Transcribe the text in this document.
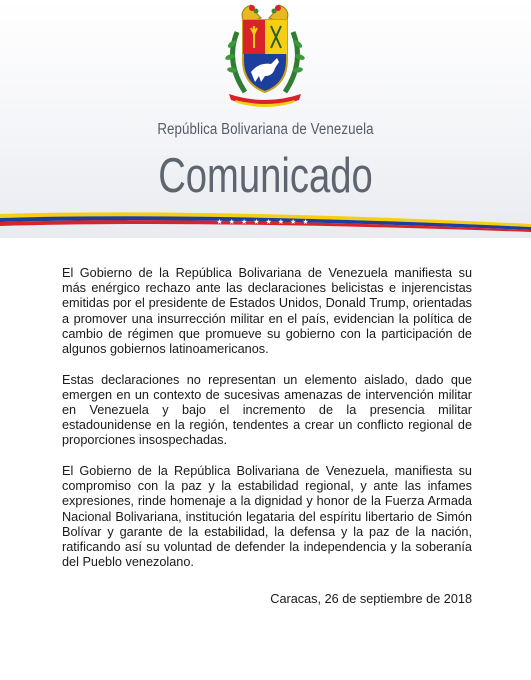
República Bolivariana de Venezuela
Comunicado
★★★★★★★★

El Gobierno de la República Bolivariana de Venezuela manifiesta su más enérgico rechazo ante las declaraciones belicistas e injerencistas emitidas por el presidente de Estados Unidos, Donald Trump, orientadas a promover una insurrección militar en el país, evidencian la política de cambio de régimen que promueve su gobierno con la participación de algunos gobiernos latinoamericanos.

Estas declaraciones no representan un elemento aislado, dado que emergen en un contexto de sucesivas amenazas de intervención militar en Venezuela y bajo el incremento de la presencia militar estadounidense en la región, tendentes a crear un conflicto regional de proporciones insospechadas.

El Gobierno de la República Bolivariana de Venezuela, manifiesta su compromiso con la paz y la estabilidad regional, y ante las infames expresiones, rinde homenaje a la dignidad y honor de la Fuerza Armada Nacional Bolivariana, institución legataria del espíritu libertario de Simón Bolívar y garante de la estabilidad, la defensa y la paz de la nación, ratificando así su voluntad de defender la independencia y la soberanía del Pueblo venezolano.

Caracas, 26 de septiembre de 2018
